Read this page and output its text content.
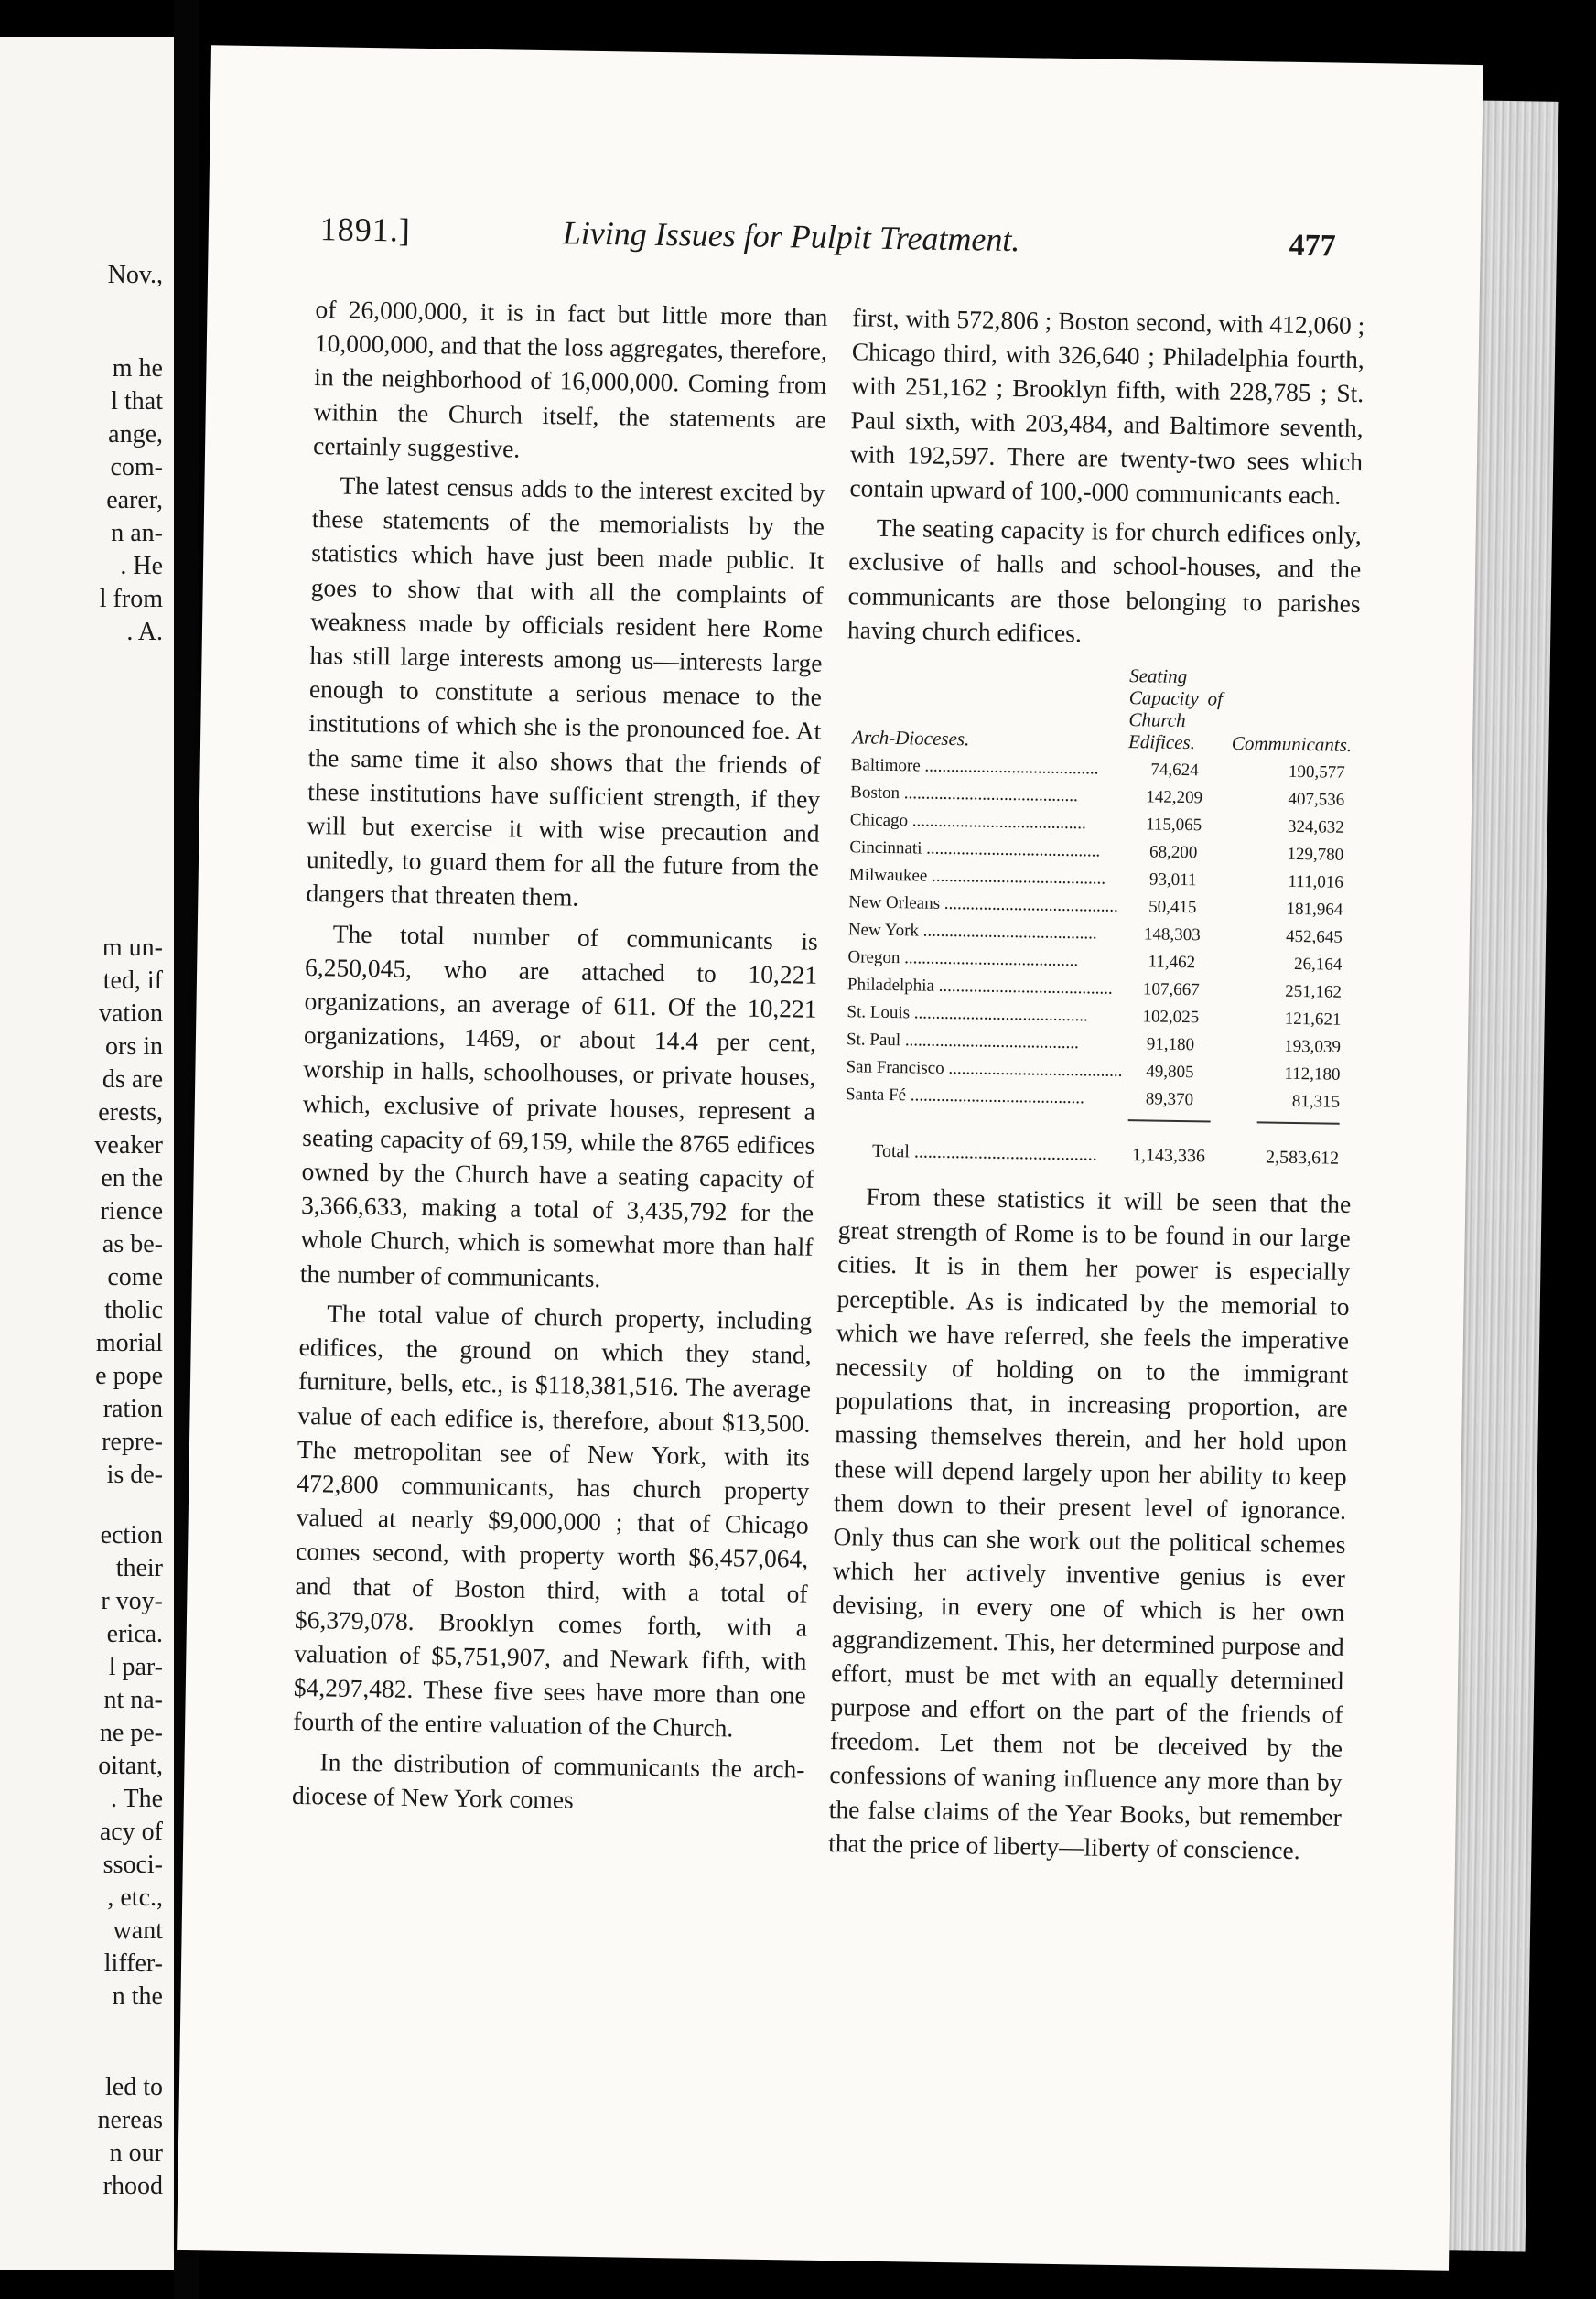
Nov.,
m he
l that
ange,
com-
earer,
n an-
. He
l from
. A.
m un-
ted, if
vation
ors in
ds are
erests,
veaker
en the
rience
as be-
come
tholic
morial
e pope
ration
repre-
is de-
ection
their
r voy-
erica.
l par-
nt na-
ne pe-
oitant,
. The
acy of
ssoci-
, etc.,
want
liffer-
n the
led to
nereas
n our
rhood
1891.]	Living Issues for Pulpit Treatment.	477

of 26,000,000, it is in fact but little more than 10,000,000, and that the loss aggregates, therefore, in the neighborhood of 16,000,000. Coming from within the Church itself, the statements are certainly suggestive.

The latest census adds to the interest excited by these statements of the memorialists by the statistics which have just been made public. It goes to show that with all the complaints of weakness made by officials resident here Rome has still large interests among us—interests large enough to constitute a serious menace to the institutions of which she is the pronounced foe. At the same time it also shows that the friends of these institutions have sufficient strength, if they will but exercise it with wise precaution and unitedly, to guard them for all the future from the dangers that threaten them.

The total number of communicants is 6,250,045, who are attached to 10,221 organizations, an average of 611. Of the 10,221 organizations, 1469, or about 14.4 per cent, worship in halls, schoolhouses, or private houses, which, exclusive of private houses, represent a seating capacity of 69,159, while the 8765 edifices owned by the Church have a seating capacity of 3,366,633, making a total of 3,435,792 for the whole Church, which is somewhat more than half the number of communicants.

The total value of church property, including edifices, the ground on which they stand, furniture, bells, etc., is $118,381,516. The average value of each edifice is, therefore, about $13,500. The metropolitan see of New York, with its 472,800 communicants, has church property valued at nearly $9,000,000 ; that of Chicago comes second, with property worth $6,457,064, and that of Boston third, with a total of $6,379,078. Brooklyn comes forth, with a valuation of $5,751,907, and Newark fifth, with $4,297,482. These five sees have more than one fourth of the entire valuation of the Church.

In the distribution of communicants the arch-diocese of New York comes

first, with 572,806 ; Boston second, with 412,060 ; Chicago third, with 326,640 ; Philadelphia fourth, with 251,162 ; Brooklyn fifth, with 228,785 ; St. Paul sixth, with 203,484, and Baltimore seventh, with 192,597. There are twenty-two sees which contain upward of 100,-000 communicants each.

The seating capacity is for church edifices only, exclusive of halls and school-houses, and the communicants are those belonging to parishes having church edifices.

Arch-Dioceses.	Seating Capacity of Church Edifices.	Communicants.
Baltimore .....	74,624	190,577
Boston .....	142,209	407,536
Chicago .....	115,065	324,632
Cincinnati .....	68,200	129,780
Milwaukee .....	93,011	111,016
New Orleans .....	50,415	181,964
New York .....	148,303	452,645
Oregon .....	11,462	26,164
Philadelphia .....	107,667	251,162
St. Louis .....	102,025	121,621
St. Paul .....	91,180	193,039
San Francisco .....	49,805	112,180
Santa Fé .....	89,370	81,315

Total .....	1,143,336	2,583,612

From these statistics it will be seen that the great strength of Rome is to be found in our large cities. It is in them her power is especially perceptible. As is indicated by the memorial to which we have referred, she feels the imperative necessity of holding on to the immigrant populations that, in increasing proportion, are massing themselves therein, and her hold upon these will depend largely upon her ability to keep them down to their present level of ignorance. Only thus can she work out the political schemes which her actively inventive genius is ever devising, in every one of which is her own aggrandizement. This, her determined purpose and effort, must be met with an equally determined purpose and effort on the part of the friends of freedom. Let them not be deceived by the confessions of waning influence any more than by the false claims of the Year Books, but remember that the price of liberty—liberty of conscience.
